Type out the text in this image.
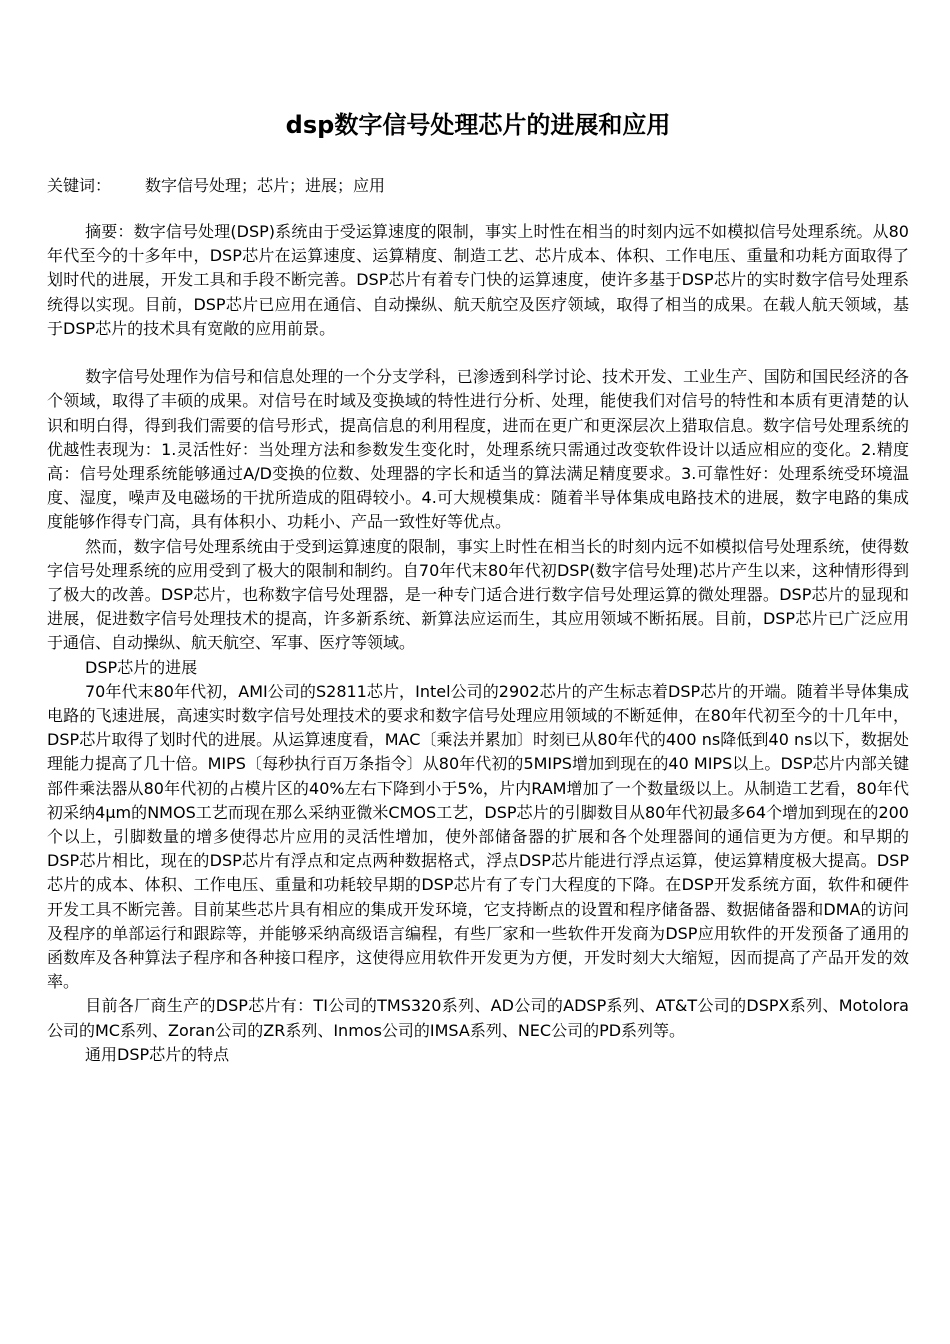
dsp数字信号处理芯片的进展和应用
关键词： 数字信号处理；芯片；进展；应用

摘要：数字信号处理(DSP)系统由于受运算速度的限制，事实上时性在相当的时刻内远不如模拟信号处理系统。从80年代至今的十多年中，DSP芯片在运算速度、运算精度、制造工艺、芯片成本、体积、工作电压、重量和功耗方面取得了划时代的进展，开发工具和手段不断完善。DSP芯片有着专门快的运算速度，使许多基于DSP芯片的实时数字信号处理系统得以实现。目前，DSP芯片已应用在通信、自动操纵、航天航空及医疗领域，取得了相当的成果。在载人航天领域，基于DSP芯片的技术具有宽敞的应用前景。

数字信号处理作为信号和信息处理的一个分支学科，已渗透到科学讨论、技术开发、工业生产、国防和国民经济的各个领域，取得了丰硕的成果。对信号在时域及变换域的特性进行分析、处理，能使我们对信号的特性和本质有更清楚的认识和明白得，得到我们需要的信号形式，提高信息的利用程度，进而在更广和更深层次上猎取信息。数字信号处理系统的优越性表现为：1.灵活性好：当处理方法和参数发生变化时，处理系统只需通过改变软件设计以适应相应的变化。2.精度高：信号处理系统能够通过A/D变换的位数、处理器的字长和适当的算法满足精度要求。3.可靠性好：处理系统受环境温度、湿度，噪声及电磁场的干扰所造成的阻碍较小。4.可大规模集成：随着半导体集成电路技术的进展，数字电路的集成度能够作得专门高，具有体积小、功耗小、产品一致性好等优点。

然而，数字信号处理系统由于受到运算速度的限制，事实上时性在相当长的时刻内远不如模拟信号处理系统，使得数字信号处理系统的应用受到了极大的限制和制约。自70年代末80年代初DSP(数字信号处理)芯片产生以来，这种情形得到了极大的改善。DSP芯片，也称数字信号处理器，是一种专门适合进行数字信号处理运算的微处理器。DSP芯片的显现和进展，促进数字信号处理技术的提高，许多新系统、新算法应运而生，其应用领域不断拓展。目前，DSP芯片已广泛应用于通信、自动操纵、航天航空、军事、医疗等领域。

DSP芯片的进展

70年代末80年代初，AMI公司的S2811芯片，Intel公司的2902芯片的产生标志着DSP芯片的开端。随着半导体集成电路的飞速进展，高速实时数字信号处理技术的要求和数字信号处理应用领域的不断延伸，在80年代初至今的十几年中，DSP芯片取得了划时代的进展。从运算速度看，MAC〔乘法并累加〕时刻已从80年代的400 ns降低到40 ns以下，数据处理能力提高了几十倍。MIPS〔每秒执行百万条指令〕从80年代初的5MIPS增加到现在的40 MIPS以上。DSP芯片内部关键部件乘法器从80年代初的占模片区的40%左右下降到小于5%，片内RAM增加了一个数量级以上。从制造工艺看，80年代初采纳4μm的NMOS工艺而现在那么采纳亚微米CMOS工艺，DSP芯片的引脚数目从80年代初最多64个增加到现在的200个以上，引脚数量的增多使得芯片应用的灵活性增加，使外部储备器的扩展和各个处理器间的通信更为方便。和早期的DSP芯片相比，现在的DSP芯片有浮点和定点两种数据格式，浮点DSP芯片能进行浮点运算，使运算精度极大提高。DSP芯片的成本、体积、工作电压、重量和功耗较早期的DSP芯片有了专门大程度的下降。在DSP开发系统方面，软件和硬件开发工具不断完善。目前某些芯片具有相应的集成开发环境，它支持断点的设置和程序储备器、数据储备器和DMA的访问及程序的单部运行和跟踪等，并能够采纳高级语言编程，有些厂家和一些软件开发商为DSP应用软件的开发预备了通用的函数库及各种算法子程序和各种接口程序，这使得应用软件开发更为方便，开发时刻大大缩短，因而提高了产品开发的效率。

目前各厂商生产的DSP芯片有：TI公司的TMS320系列、AD公司的ADSP系列、AT&T公司的DSPX系列、Motolora公司的MC系列、Zoran公司的ZR系列、Inmos公司的IMSA系列、NEC公司的PD系列等。

通用DSP芯片的特点
